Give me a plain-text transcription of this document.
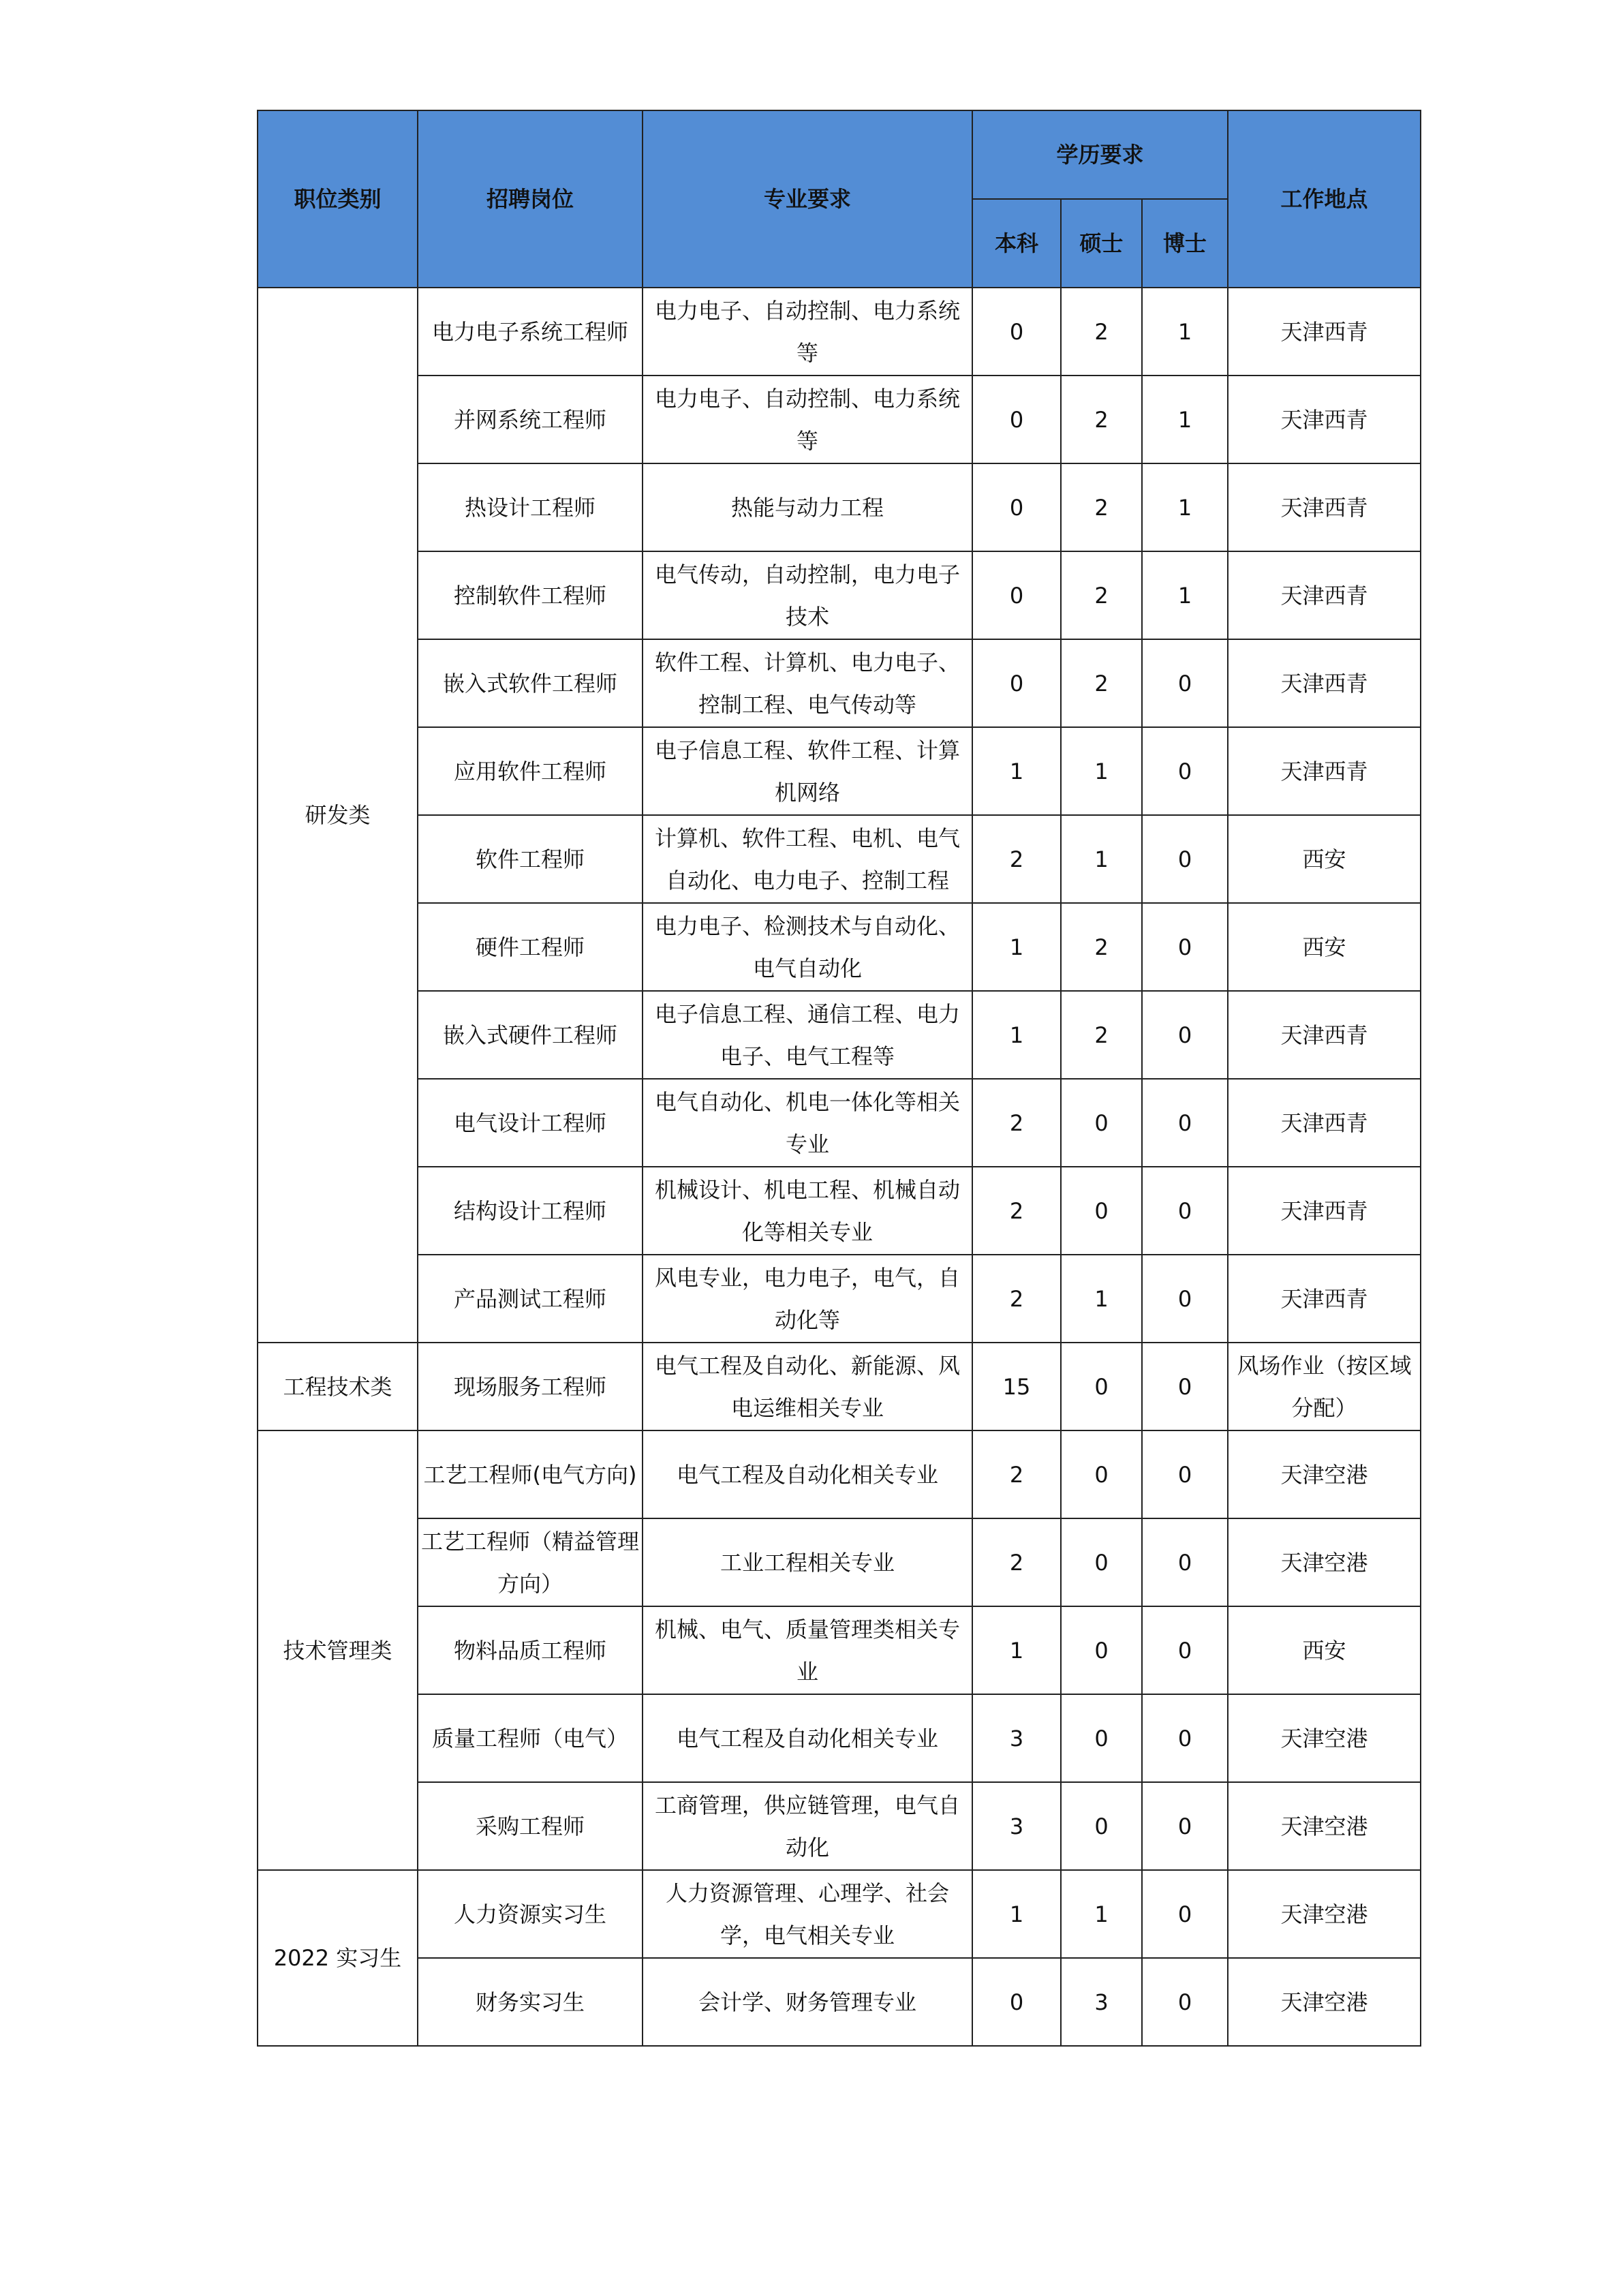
职位类别	招聘岗位	专业要求	学历要求			工作地点
			本科	硕士	博士	
研发类	电力电子系统工程师	电力电子、自动控制、电力系统等	0	2	1	天津西青
	并网系统工程师	电力电子、自动控制、电力系统等	0	2	1	天津西青
	热设计工程师	热能与动力工程	0	2	1	天津西青
	控制软件工程师	电气传动，自动控制，电力电子技术	0	2	1	天津西青
	嵌入式软件工程师	软件工程、计算机、电力电子、控制工程、电气传动等	0	2	0	天津西青
	应用软件工程师	电子信息工程、软件工程、计算机网络	1	1	0	天津西青
	软件工程师	计算机、软件工程、电机、电气自动化、电力电子、控制工程	2	1	0	西安
	硬件工程师	电力电子、检测技术与自动化、电气自动化	1	2	0	西安
	嵌入式硬件工程师	电子信息工程、通信工程、电力电子、电气工程等	1	2	0	天津西青
	电气设计工程师	电气自动化、机电一体化等相关专业	2	0	0	天津西青
	结构设计工程师	机械设计、机电工程、机械自动化等相关专业	2	0	0	天津西青
	产品测试工程师	风电专业，电力电子，电气，自动化等	2	1	0	天津西青
工程技术类	现场服务工程师	电气工程及自动化、新能源、风电运维相关专业	15	0	0	风场作业（按区域分配）
技术管理类	工艺工程师(电气方向)	电气工程及自动化相关专业	2	0	0	天津空港
	工艺工程师（精益管理方向）	工业工程相关专业	2	0	0	天津空港
	物料品质工程师	机械、电气、质量管理类相关专业	1	0	0	西安
	质量工程师（电气）	电气工程及自动化相关专业	3	0	0	天津空港
	采购工程师	工商管理，供应链管理，电气自动化	3	0	0	天津空港
2022 实习生	人力资源实习生	人力资源管理、心理学、社会学，电气相关专业	1	1	0	天津空港
	财务实习生	会计学、财务管理专业	0	3	0	天津空港
